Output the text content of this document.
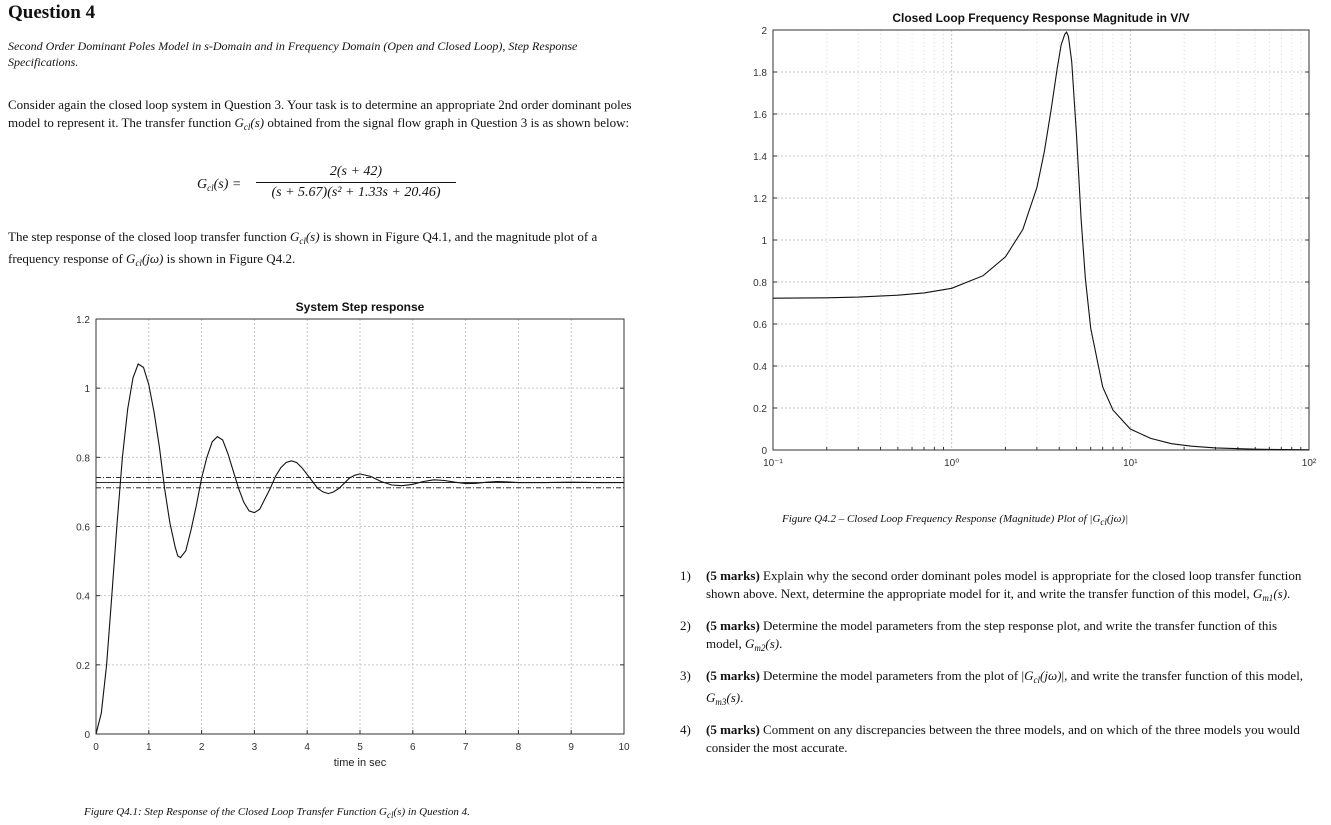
Question 4
Second Order Dominant Poles Model in s-Domain and in Frequency Domain (Open and Closed Loop), Step Response Specifications.
Consider again the closed loop system in Question 3. Your task is to determine an appropriate 2nd order dominant poles model to represent it. The transfer function $G_{cl}(s)$ obtained from the signal flow graph in Question 3 is as shown below:
$G_{cl}(s) = \frac{2(s + 42)}{\text{(s + 5.67)(s² + 1.33s + 20.46)}}$
The step response of the closed loop transfer function $G_{cl}(s)$ is shown in Figure Q4.1, and the magnitude plot of a frequency response of $G_{cl}(j\omega)$ is shown in Figure Q4.2.
0
0.2
0.4
0.6
0.8
1
1.2
0	1	2	3	4	5	6	7	8	9	10
System Step response
time in sec
0
0.2
0.4
0.6
0.8
1
1.2
1.4
1.6
1.8
2
10⁻¹	10⁰	10¹	10²
Closed Loop Frequency Response Magnitude in V/V
Figure Q4.1: Step Response of the Closed Loop Transfer Function $G_{cl}(s)$ in Question 4.
Figure Q4.2 – Closed Loop Frequency Response (Magnitude) Plot of $|G_{cl}(j\omega)|$
1)	(5 marks) Explain why the second order dominant poles model is appropriate for the closed loop transfer function shown above. Next, determine the appropriate model for it, and write the transfer function of this model, $G_{m1}(s)$.
2)	(5 marks) Determine the model parameters from the step response plot, and write the transfer function of this model, $G_{m2}(s)$.
3)	(5 marks) Determine the model parameters from the plot of $|G_{cl}(j\omega)|$, and write the transfer function of this model, $G_{m3}(s)$.
4)	(5 marks) Comment on any discrepancies between the three models, and on which of the three models you would consider the most accurate.
